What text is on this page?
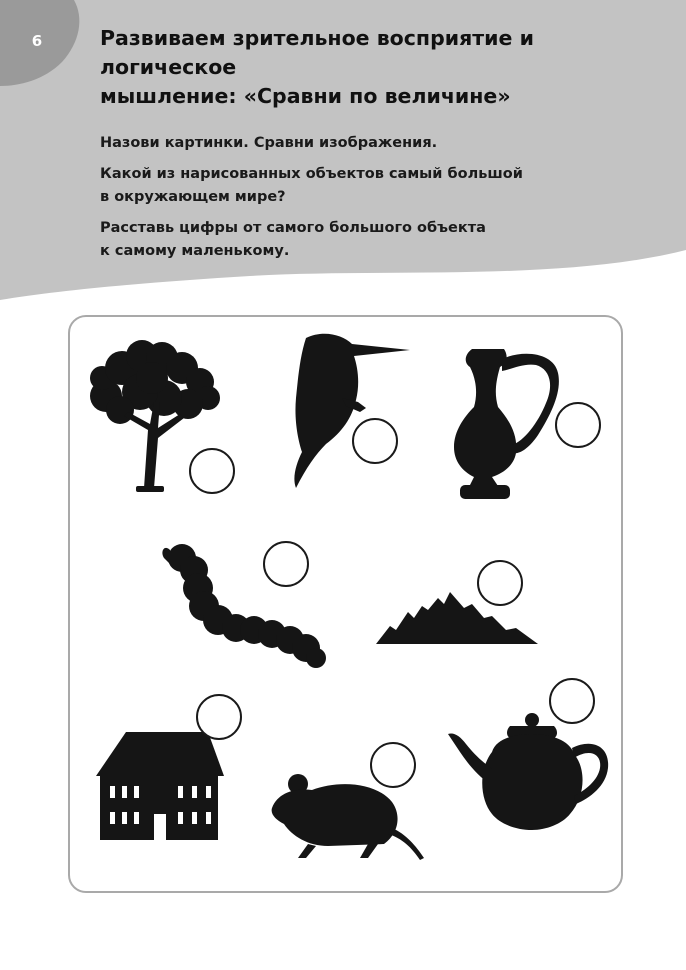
6	Развиваем зрительное восприятие и логическое
мышление: «Сравни по величине»

Назови картинки. Сравни изображения.

Какой из нарисованных объектов самый большой
в окружающем мире?

Расставь цифры от самого большого объекта
к самому маленькому.
